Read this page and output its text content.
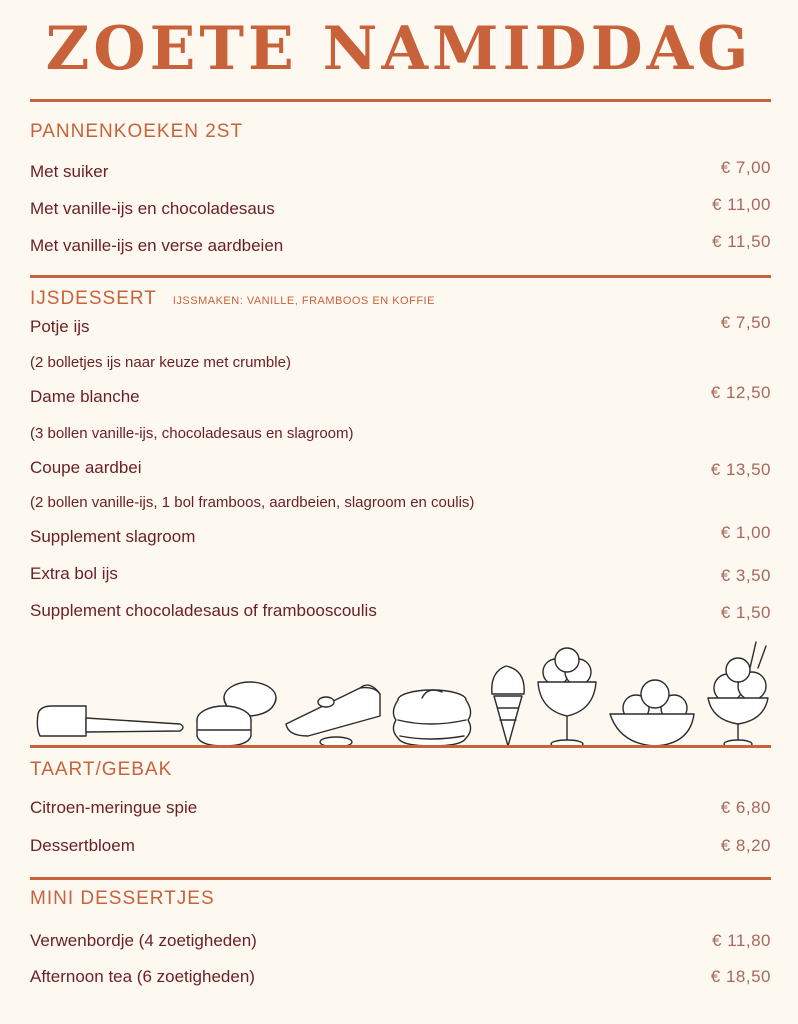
ZOETE NAMIDDAG
PANNENKOEKEN 2ST
Met suiker	€ 7,00
Met vanille-ijs en chocoladesaus	€ 11,00
Met vanille-ijs en verse aardbeien	€ 11,50
IJSDESSERT IJSSMAKEN: VANILLE, FRAMBOOS EN KOFFIE
Potje ijs	€ 7,50
(2 bolletjes ijs naar keuze met crumble)
Dame blanche	€ 12,50
(3 bollen vanille-ijs, chocoladesaus en slagroom)
Coupe aardbei	€ 13,50
(2 bollen vanille-ijs, 1 bol framboos, aardbeien, slagroom en coulis)
Supplement slagroom	€ 1,00
Extra bol ijs	€ 3,50
Supplement chocoladesaus of frambooscoulis	€ 1,50
TAART/GEBAK
Citroen-meringue spie	€ 6,80
Dessertbloem	€ 8,20
MINI DESSERTJES
Verwenbordje (4 zoetigheden)	€ 11,80
Afternoon tea (6 zoetigheden)	€ 18,50
